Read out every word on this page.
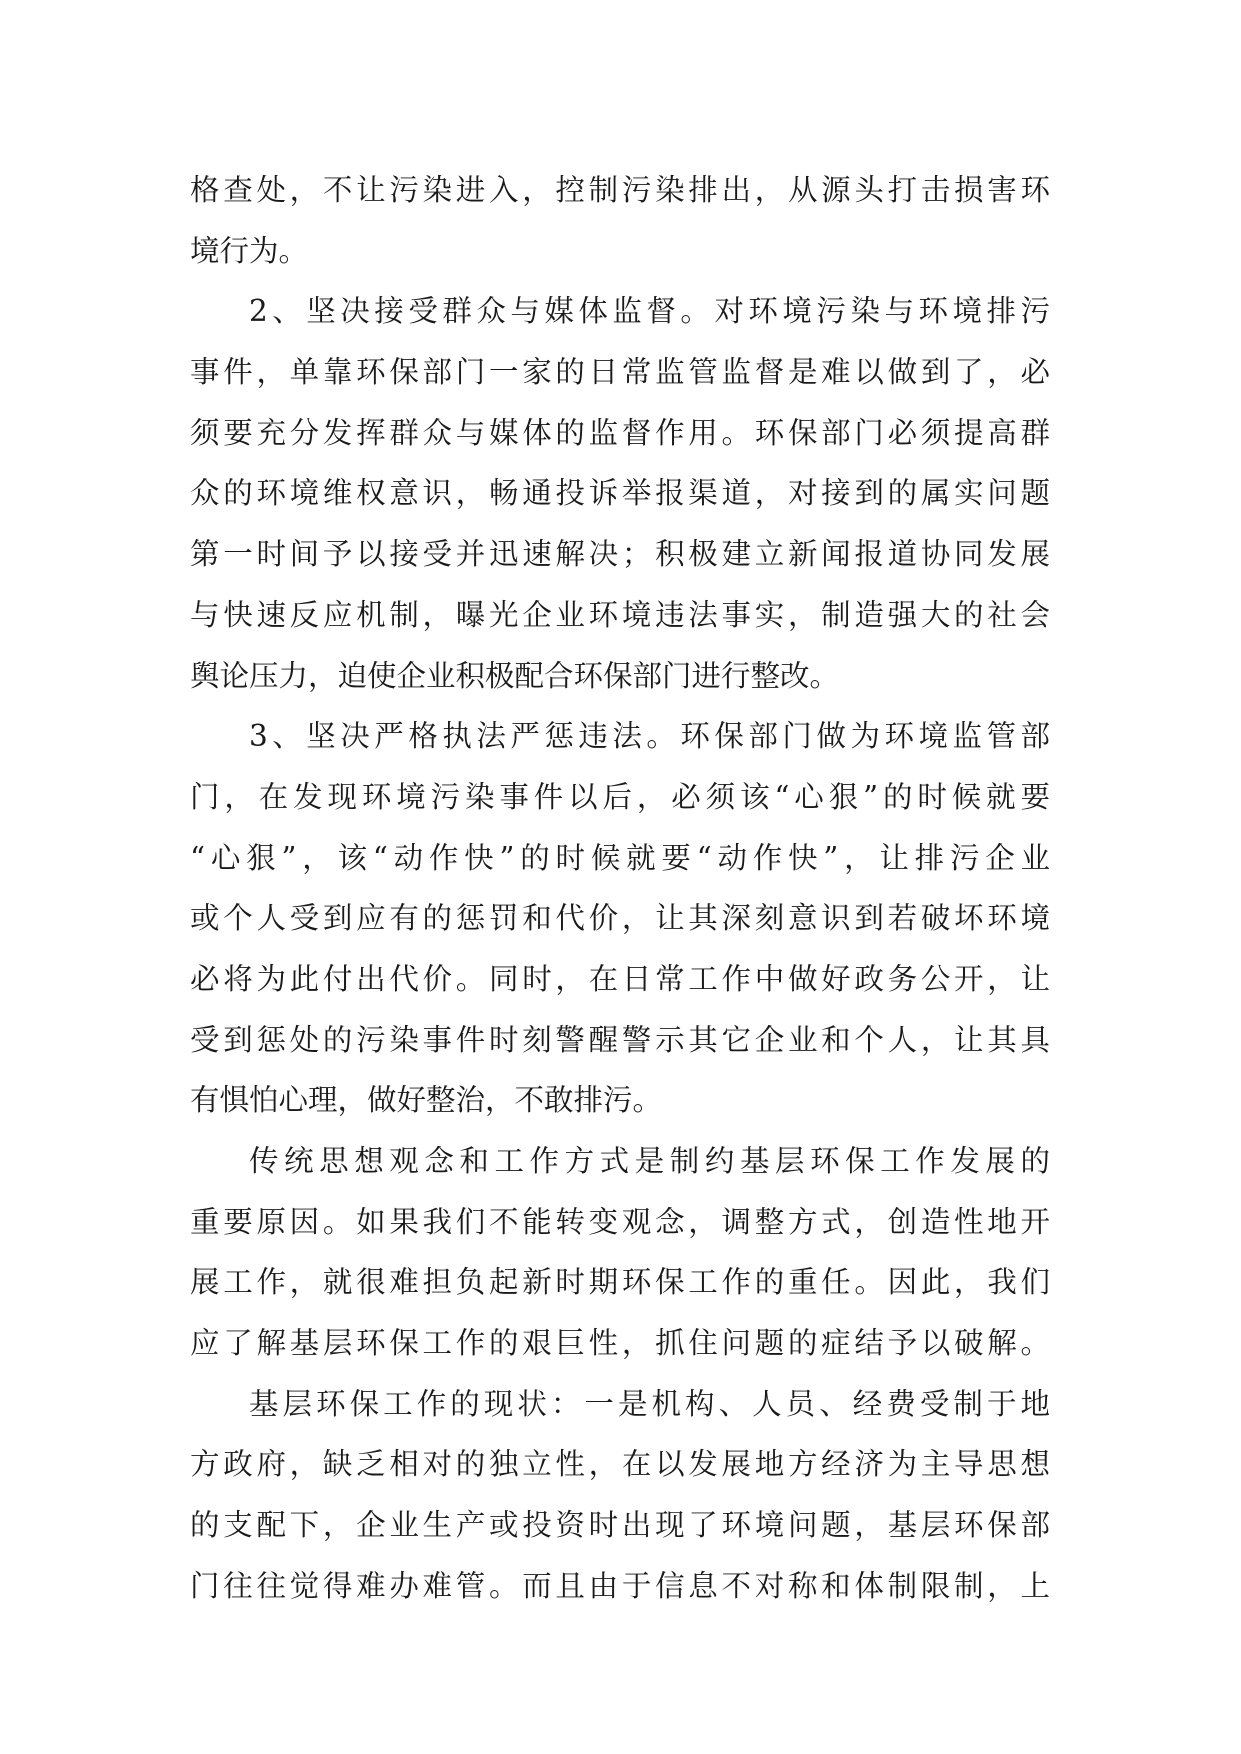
格查处，不让污染进入，控制污染排出，从源头打击损害环
境行为。
2、坚决接受群众与媒体监督。对环境污染与环境排污
事件，单靠环保部门一家的日常监管监督是难以做到了，必
须要充分发挥群众与媒体的监督作用。环保部门必须提高群
众的环境维权意识，畅通投诉举报渠道，对接到的属实问题
第一时间予以接受并迅速解决；积极建立新闻报道协同发展
与快速反应机制，曝光企业环境违法事实，制造强大的社会
舆论压力，迫使企业积极配合环保部门进行整改。
3、坚决严格执法严惩违法。环保部门做为环境监管部
门，在发现环境污染事件以后，必须该“心狠”的时候就要
“心狠”，该“动作快”的时候就要“动作快”，让排污企业
或个人受到应有的惩罚和代价，让其深刻意识到若破坏环境
必将为此付出代价。同时，在日常工作中做好政务公开，让
受到惩处的污染事件时刻警醒警示其它企业和个人，让其具
有惧怕心理，做好整治，不敢排污。
传统思想观念和工作方式是制约基层环保工作发展的
重要原因。如果我们不能转变观念，调整方式，创造性地开
展工作，就很难担负起新时期环保工作的重任。因此，我们
应了解基层环保工作的艰巨性，抓住问题的症结予以破解。
基层环保工作的现状：一是机构、人员、经费受制于地
方政府，缺乏相对的独立性，在以发展地方经济为主导思想
的支配下，企业生产或投资时出现了环境问题，基层环保部
门往往觉得难办难管。而且由于信息不对称和体制限制，上
